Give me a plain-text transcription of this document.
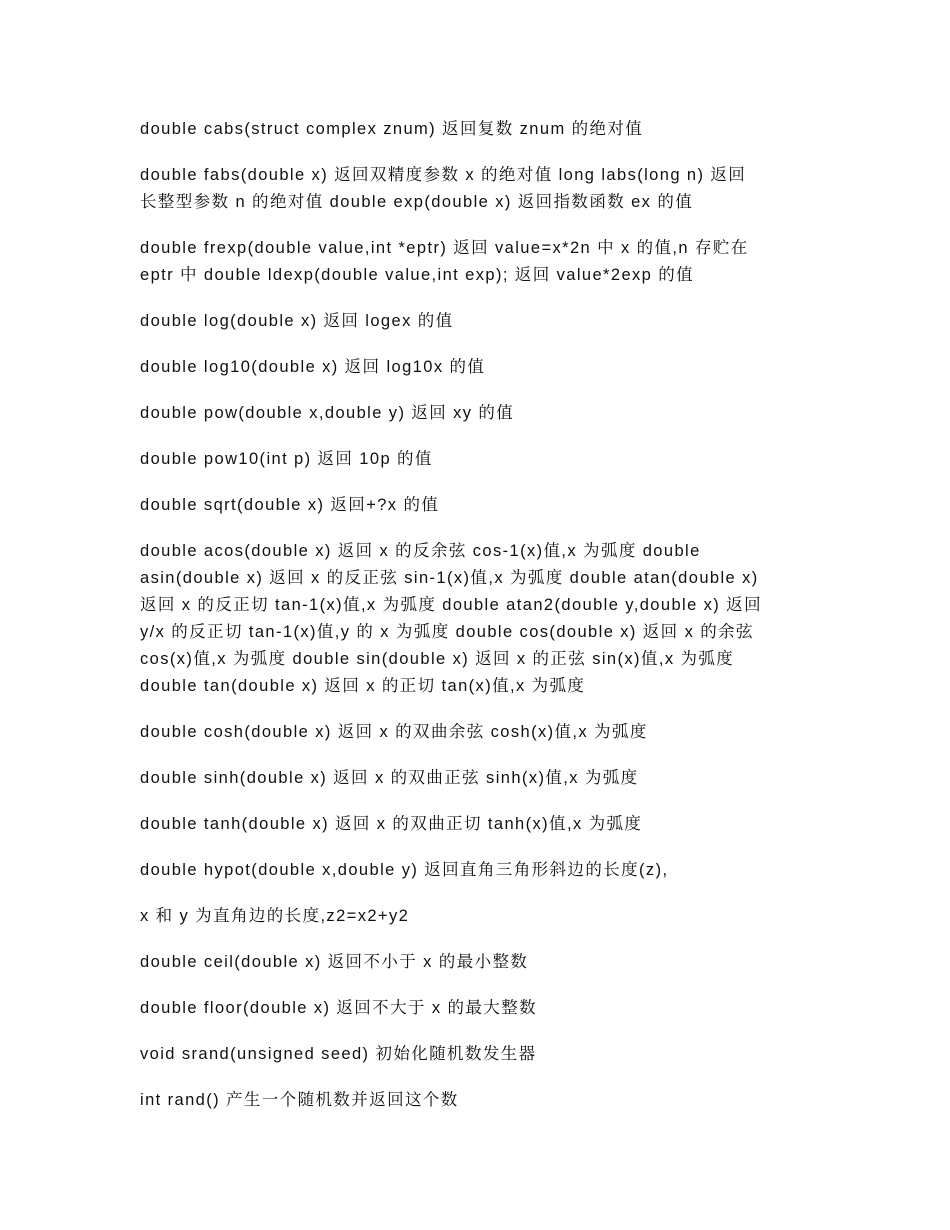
double cabs(struct complex znum) 返回复数 znum 的绝对值
double fabs(double x) 返回双精度参数 x 的绝对值 long labs(long n) 返回
长整型参数 n 的绝对值 double exp(double x) 返回指数函数 ex 的值
double frexp(double value,int *eptr) 返回 value=x*2n 中 x 的值,n 存贮在
eptr 中 double ldexp(double value,int exp); 返回 value*2exp 的值
double log(double x) 返回 logex 的值
double log10(double x) 返回 log10x 的值
double pow(double x,double y) 返回 xy 的值
double pow10(int p) 返回 10p 的值
double sqrt(double x) 返回+?x 的值
double acos(double x) 返回 x 的反余弦 cos-1(x)值,x 为弧度 double
asin(double x) 返回 x 的反正弦 sin-1(x)值,x 为弧度 double atan(double x)
返回 x 的反正切 tan-1(x)值,x 为弧度 double atan2(double y,double x) 返回
y/x 的反正切 tan-1(x)值,y 的 x 为弧度 double cos(double x) 返回 x 的余弦
cos(x)值,x 为弧度 double sin(double x) 返回 x 的正弦 sin(x)值,x 为弧度
double tan(double x) 返回 x 的正切 tan(x)值,x 为弧度
double cosh(double x) 返回 x 的双曲余弦 cosh(x)值,x 为弧度
double sinh(double x) 返回 x 的双曲正弦 sinh(x)值,x 为弧度
double tanh(double x) 返回 x 的双曲正切 tanh(x)值,x 为弧度
double hypot(double x,double y) 返回直角三角形斜边的长度(z),
x 和 y 为直角边的长度,z2=x2+y2
double ceil(double x) 返回不小于 x 的最小整数
double floor(double x) 返回不大于 x 的最大整数
void srand(unsigned seed) 初始化随机数发生器
int rand() 产生一个随机数并返回这个数
